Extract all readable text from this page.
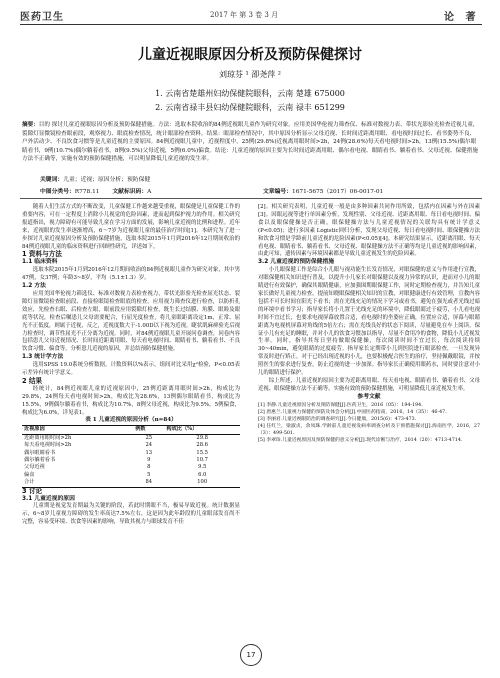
医药卫生	2017 年 第 3 卷 3 月	论 著
儿童近视眼原因分析及预防保健探讨
刘琼芬 ¹ 卲尧萍 ²
1. 云南省楚雄州妇幼保健院眼科，云南 楚雄 675000
2. 云南省禄丰县妇幼保健院眼科，云南 禄丰 651299
摘要：目的 探讨儿童近视眼原因分析及预防保健措施。方法：选取本院收治的84例近视眼儿童作为研究对象。应用美国华伦视力筛查仪、标准对数视力表、带状光影验光检查近视儿童，裂隙灯显微镜检查眼前段，观察视力、眼底检查情况，统计眼部检查资料。结果：眼部检查情况中，其中原因分析显示父母近视、长时间近距离用眼、看电视时间过长、看书姿势不良、户外活动少、不良饮食习惯等是儿童近视的主要原因。84例近视眼儿童中，近视程度中，25例(29.8%)近视离用眼时间>2h，24例(28.6%)每天看电视时间>2h，13例(15.5%)偶尔眼睛看书，9例(10.7%)偶尔躺着看书，8例(9.5%)父母近视，5例(6.0%)偏食。结论：儿童近视的原因主要为长时间近距离用眼、偶尔看电视、眼睛看书、躺着看书、父母近视、保健措施方法不正确等，实施有效的预防保健措施，可以明显降低儿童近视的发生率。
关键词：儿童；近视；原因分析；预防保健
中图分类号：R778.11 文献标识码：A	文章编号：1671-5675（2017）06-0017-01
随着人们生活方式的不断改变，儿童保健工作越来越受重视，眼保健是儿童保健工作的重要内容，可在一定程度上消除小儿视觉的危险因素，进而起到保护视力的作用。相关研究报道指出，视力障碍有可能导致儿童在学习方面的发展，影响儿童近视的比例和进程。近年来，近视眼的发生率逐渐增高，6～7岁为近视眼儿童的最佳治疗时间[1]。本研究为了进一步探讨儿童近视原因分析及预防保健措施，选取本院2015年1月到2016年12月期间收治的84例近视眼儿童的临床资料进行回顾性研究，详述如下。
1 资料与方法
1.1 临床资料
选取本院2015年1月到2016年12月期间收治的84例近视眼儿童作为研究对象，其中男47例，女37例；年龄3~8岁，平均（5.1±1.3）岁。
1.2 方法
应用美国华伦视力筛选仪、标准对数视力表检查视力，带状光影验光检查屈光状态、裂隙灯显微镜检查眼前段、直接检眼镜检查眼底的检查。应用视力筛查仪进行检查，以防折孔效应，先检查右眼、后检查左眼，眼前段应用裂隙灯检查，既生长过结膜、角膜、眼睑及眼底等状况，检查后嘱患儿父母需要配合，行屈光度检查，将儿童眼距离设定1m，正常、屈光不正低度，则属于近视，反之，近视度数大于-1.00D以下视为近视。睫状肌麻痹验光后视力检查时，调节性屈光不正分离为近视。同时，对84例近视眼儿童开展问卷调查，问卷内容包括患儿父母近视情况、长时间近距离用眼、每天看电视时间、眼睛看书、躺着看书、不良饮食习惯、偏食等，分析患儿近视的原因，并总结预防保健措施。
1.3 统计学方法
选用SPSS 19.0系统分析数据，计数资料以%表示，组间对比采用χ²检验，P<0.05表示差异有统计学意义。
2 结果
经统计，84例近视眼儿童的近视原因中，25例近距离用眼时间>2h，构成比为29.8%，24例每天看电视时间>2h，构成比为28.6%，13例偶尔眼睛看书，构成比为15.5%，9例偶尔躺着看书，构成比为10.7%，8例父母近视，构成比为9.5%，5例偏食，构成比为6.0%，详见表1。
表 1 儿童近视的原因分析（n=84）
近视原因	例数	构成比（%）
近距离用眼时间>2h	25	29.8
每天看电视时间>2h	24	28.6
偶尔眼睛看书	13	15.5
偶尔躺着看书	9	10.7
父母近视	8	9.5
偏食	5	6.0
合计	84	100
3 讨论
3.1 儿童近视的原因
儿童期是视觉发育期最为关键的阶段，若此时期眼不当，极易导致近视。统计数据显示，6~8岁儿童视力障碍的发生率高达7.5%左右，这是因为此年龄段的儿童眼部发育尚不完整，容易受环境、饮食等因素的影响，导致其视力与眼球发育不佳
[2]。相关研究表明，儿童近视一般是由多种因素共同作用所致，包括内在因素与外在因素[3]。因眼远视等进行单因素分析，发现性别、父母近视、近距离用眼、每日看电视时间、偏食以及眼保健操是否正确，眼保健操方法与儿童近视情况的关联均具有统计学意义(P<0.05)；进行多因素 Logistic回归分析，发现父母近视、每日看电视时间、眼保健操方法和饮食习惯是学龄前儿童近视的危险因素(P<0.05)[4]。本研究结果显示，近距离用眼、每天看电视、眼睛看书、躺着看书、父母近视、眼保健操方法不正确等均是儿童近视的影响因素，由此可知，遗传因素与环境因素都是导致儿童近视发生的危险因素。
3.2 儿童近视的预防保健措施
小儿眼保健工作是综合小儿眼与视功能生长发育情况，对眼保健的意义与作用进行宣教，对眼保健相关知识进行普及，以提升小儿家长对眼保健以及视力异常的认识，进而对小儿的眼睛进行有效保护，确保其眼睛健康，应加强围期眼保健工作，同时定期检查视力，并告知儿童家长做好儿童视力检查，提前知晓眼保健相关知识的宣教，对眼健康进行有效管理，宣教内容包括不可长时间在阳光下看书；需在光线充足的情况下学习或看书，避免在强光或者光线过暗的环境中看书学习；指导家长将小儿置于光线充足的环境中，降低眼睛过于疲劳，小儿看电视时间不宜过长，也要求电视屏幕放置合适，看电视时的坐姿应正确，位置应合适，屏幕与眼睛距离为电视机屏幕对角线的5倍左右；需在光线良好的状态下阅读，尽量避免在车上阅读。保证小儿有充足的睡眠，并对小儿的饮食习惯加以指导，尽量不食用冷的食物，降低小儿近视发生率。同时，指导其每日坚持做眼保健操，每次阅读时间不宜过长，每次阅读持续30~40min，避免眼睛的过度疲劳。指导家长定期带小儿到医院进行眼部检查，一旦发现异常及时进行矫正。对于已经出现近视的小儿，也要积极配合医生的治疗，坚持佩戴眼镜，并按照医生的要求进行复查，防止近视的进一步加深。指导家长正确使用眼药水，同时要注意对小儿的眼睛进行保护。
综上所述，儿童近视的原因主要为近距离用眼、每天看电视、眼睛看书、躺着看书、父母近视、眼保健操方法不正确等，实施有效的预防保健措施，可明显降低儿童近视发生率。
参考文献
[1] 李静.儿童近视原因分析及预防保健[J].医药卫生，2016（05）：194-194.
[2] 唐惠兰.儿童视力保健的预防及体会分析[J].中国医药指南，2016，14（35）：46-47.
[3] 李丽君.儿童近视眼防治的调查研究[J].今日健康，2015(6)：473-473.
[4] 任红兰，梁淑贞，余凤珠.学龄前儿童近视发病率调查分析及干预措施探讨[J].海南医学，2016，27（3）：499-501.
[5] 李翠珍.儿童近视原因及预防保健的意义分析[J].现代诊断与治疗，2014（20）：4713-4714.
17
